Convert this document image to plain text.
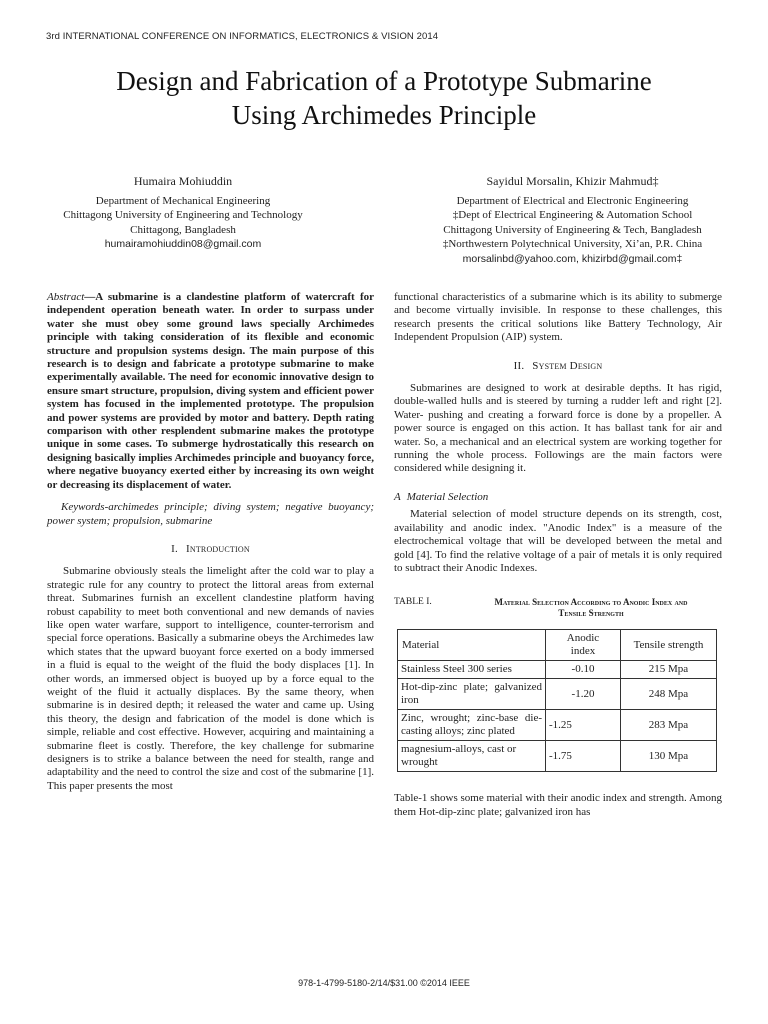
3rd INTERNATIONAL CONFERENCE ON INFORMATICS, ELECTRONICS & VISION 2014
Design and Fabrication of a Prototype Submarine
Using Archimedes Principle
Humaira Mohiuddin
Department of Mechanical Engineering
Chittagong University of Engineering and Technology
Chittagong, Bangladesh
humairamohiuddin08@gmail.com
Sayidul Morsalin, Khizir Mahmud‡
Department of Electrical and Electronic Engineering
‡Dept of Electrical Engineering & Automation School
Chittagong University of Engineering & Tech, Bangladesh
‡Northwestern Polytechnical University, Xi’an, P.R. China
morsalinbd@yahoo.com, khizirbd@gmail.com‡
Abstract—A submarine is a clandestine platform of watercraft for independent operation beneath water. In order to surpass under water she must obey some ground laws specially Archimedes principle with taking consideration of its flexible and economic structure and propulsion systems design. The main purpose of this research is to design and fabricate a prototype submarine to make experimentally available. The need for economic innovative design to ensure smart structure, propulsion, diving system and efficient power system has focused in the implemented prototype. The propulsion and power systems are provided by motor and battery. Depth rating comparison with other resplendent submarine makes the prototype unique in some cases. To submerge hydrostatically this research on designing basically implies Archimedes principle and buoyancy force, where negative buoyancy exerted either by increasing its own weight or decreasing its displacement of water.
Keywords-archimedes principle; diving system; negative buoyancy; power system; propulsion, submarine
I. Introduction

Submarine obviously steals the limelight after the cold war to play a strategic rule for any country to protect the littoral areas from external threat. Submarines furnish an excellent clandestine platform having robust capability to meet both conventional and new demands of navies like open water warfare, support to intelligence, counter-terrorism and special force operations. Basically a submarine obeys the Archimedes law which states that the upward buoyant force exerted on a body immersed in a fluid is equal to the weight of the fluid the body displaces [1]. In other words, an immersed object is buoyed up by a force equal to the weight of the fluid it actually displaces. By the same theory, when submarine is in desired depth; it released the water and came up. Using this theory, the design and fabrication of the model is done which is simple, reliable and cost effective. However, acquiring and maintaining a submarine fleet is costly. Therefore, the key challenge for submarine designers is to strike a balance between the need for stealth, range and adaptability and the need to control the size and cost of the submarine [1]. This paper presents the most

functional characteristics of a submarine which is its ability to submerge and become virtually invisible. In response to these challenges, this research presents the critical solutions like Battery Technology, Air Independent Propulsion (AIP) system.

II. System Design

Submarines are designed to work at desirable depths. It has rigid, double-walled hulls and is steered by turning a rudder left and right [2]. Water- pushing and creating a forward force is done by a propeller. A power source is engaged on this action. It has ballast tank for air and water. So, a mechanical and an electrical system are working together for running the whole process. Followings are the main factors were considered while designing it.

A Material Selection

Material selection of model structure depends on its strength, cost, availability and anodic index. "Anodic Index" is a measure of the electrochemical voltage that will be developed between the metal and gold [4]. To find the relative voltage of a pair of metals it is only required to subtract their Anodic Indexes.

TABLE I.	Material Selection According to Anodic Index and
Tensile Strength
Material	Anodic index	Tensile strength
Stainless Steel 300 series	-0.10	215 Mpa
Hot-dip-zinc plate; galvanized iron	-1.20	248 Mpa
Zinc, wrought; zinc-base die-casting alloys; zinc plated	-1.25	283 Mpa
magnesium-alloys, cast or wrought	-1.75	130 Mpa

Table-1 shows some material with their anodic index and strength. Among them Hot-dip-zinc plate; galvanized iron has

978-1-4799-5180-2/14/$31.00 ©2014 IEEE
